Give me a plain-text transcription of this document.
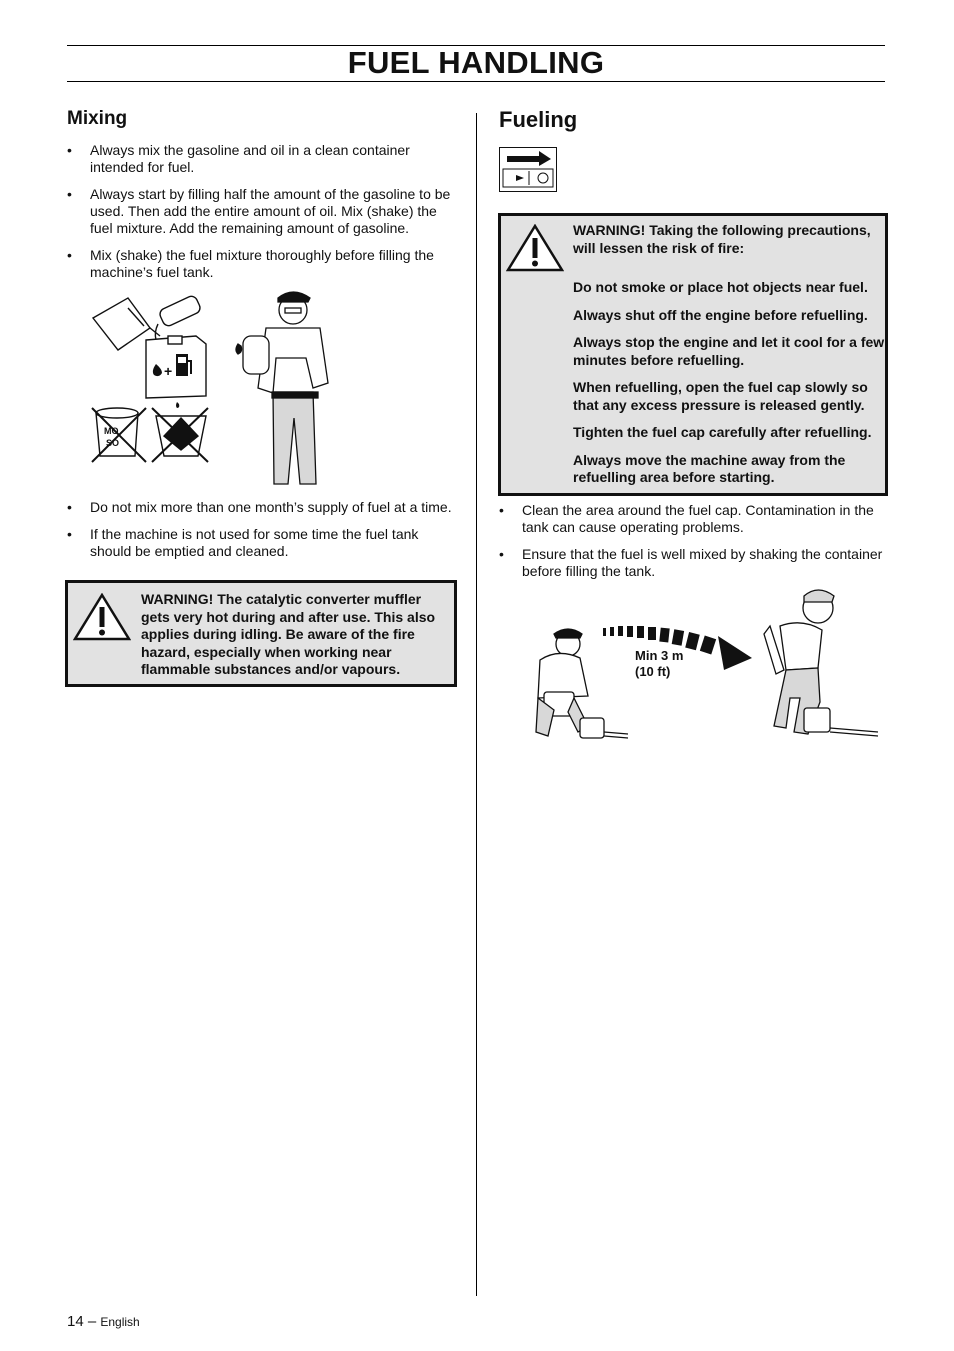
FUEL HANDLING
Mixing
• Always mix the gasoline and oil in a clean container intended for fuel.
• Always start by filling half the amount of the gasoline to be used. Then add the entire amount of oil. Mix (shake) the fuel mixture. Add the remaining amount of gasoline.
• Mix (shake) the fuel mixture thoroughly before filling the machine’s fuel tank.
+
MO
SO
• Do not mix more than one month’s supply of fuel at a time.
• If the machine is not used for some time the fuel tank should be emptied and cleaned.
WARNING! The catalytic converter muffler gets very hot during and after use. This also applies during idling. Be aware of the fire hazard, especially when working near flammable substances and/or vapours.
Fueling

WARNING! Taking the following precautions, will lessen the risk of fire:

Do not smoke or place hot objects near fuel.

Always shut off the engine before refuelling.

Always stop the engine and let it cool for a few minutes before refuelling.

When refuelling, open the fuel cap slowly so that any excess pressure is released gently.

Tighten the fuel cap carefully after refuelling.

Always move the machine away from the refuelling area before starting.

• Clean the area around the fuel cap. Contamination in the tank can cause operating problems.
• Ensure that the fuel is well mixed by shaking the container before filling the tank.
Min 3 m
(10 ft)
14 – English
